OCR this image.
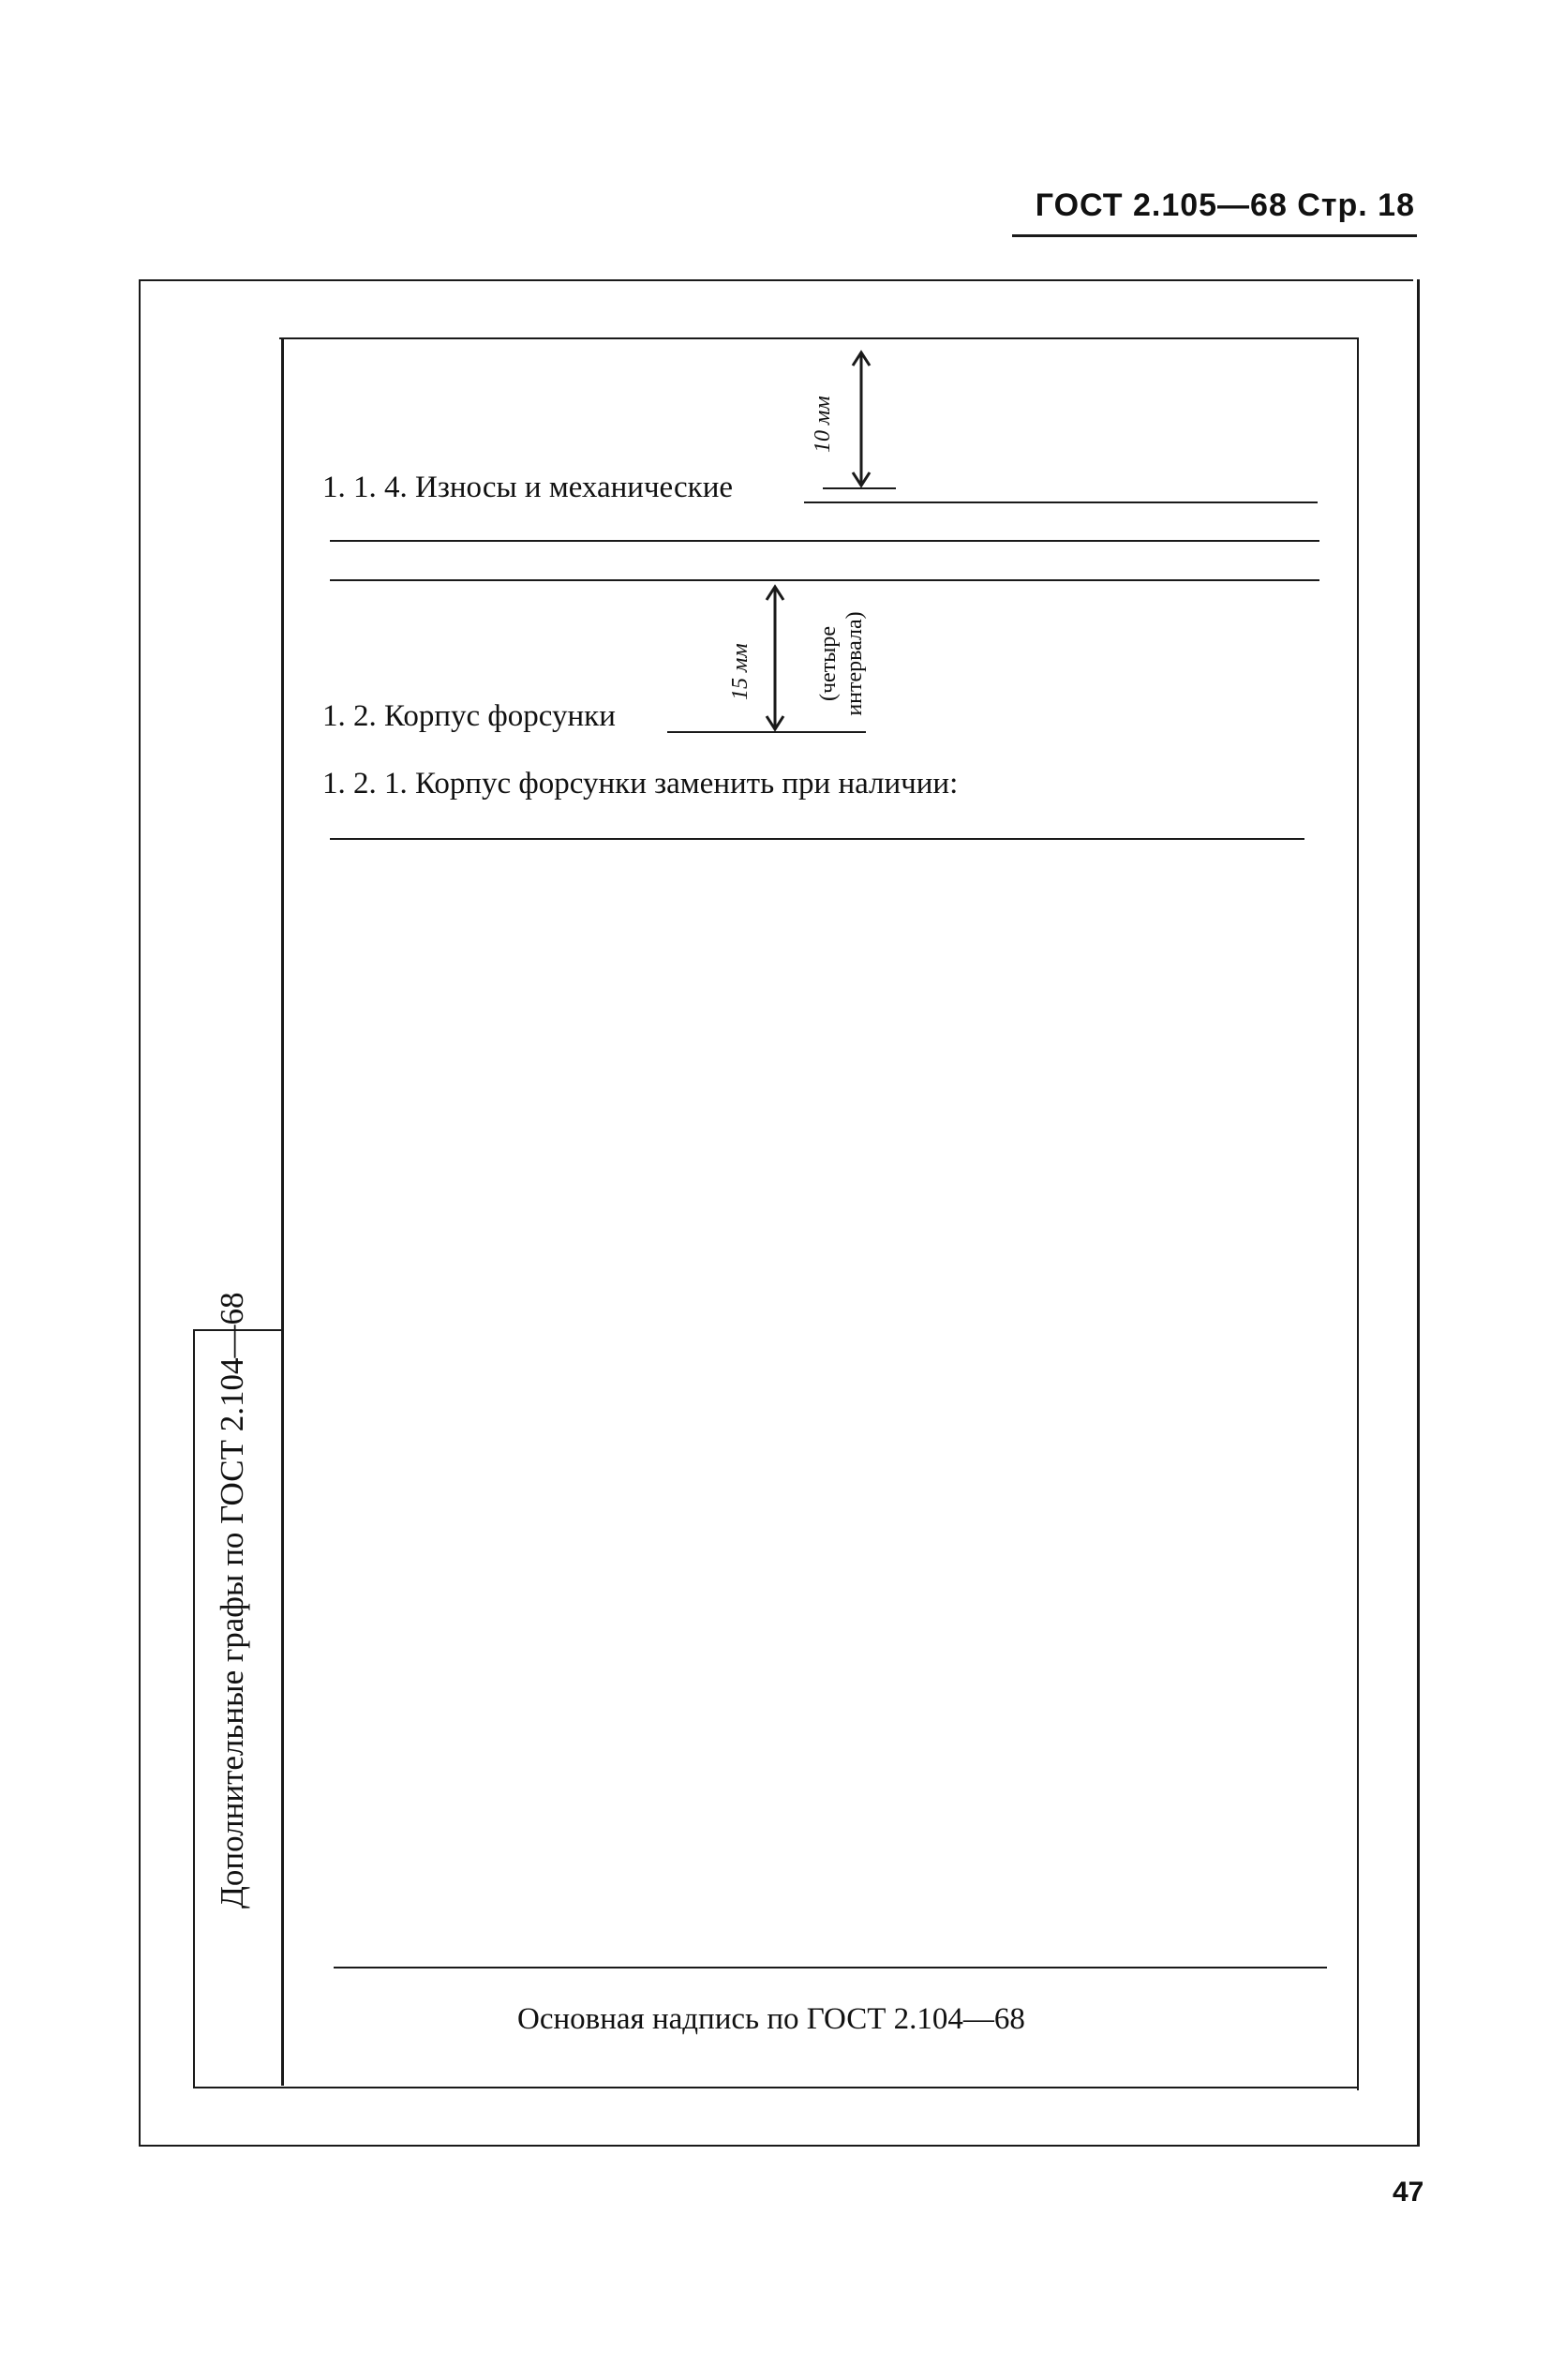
ГОСТ 2.105—68 Стр. 18
Дополнительные графы по ГОСТ 2.104—68
1. 1. 4. Износы и механические
10 мм
15 мм	(четыре интервала)
1. 2. Корпус форсунки
1. 2. 1. Корпус форсунки заменить при наличии:
Основная надпись по ГОСТ 2.104—68
47
